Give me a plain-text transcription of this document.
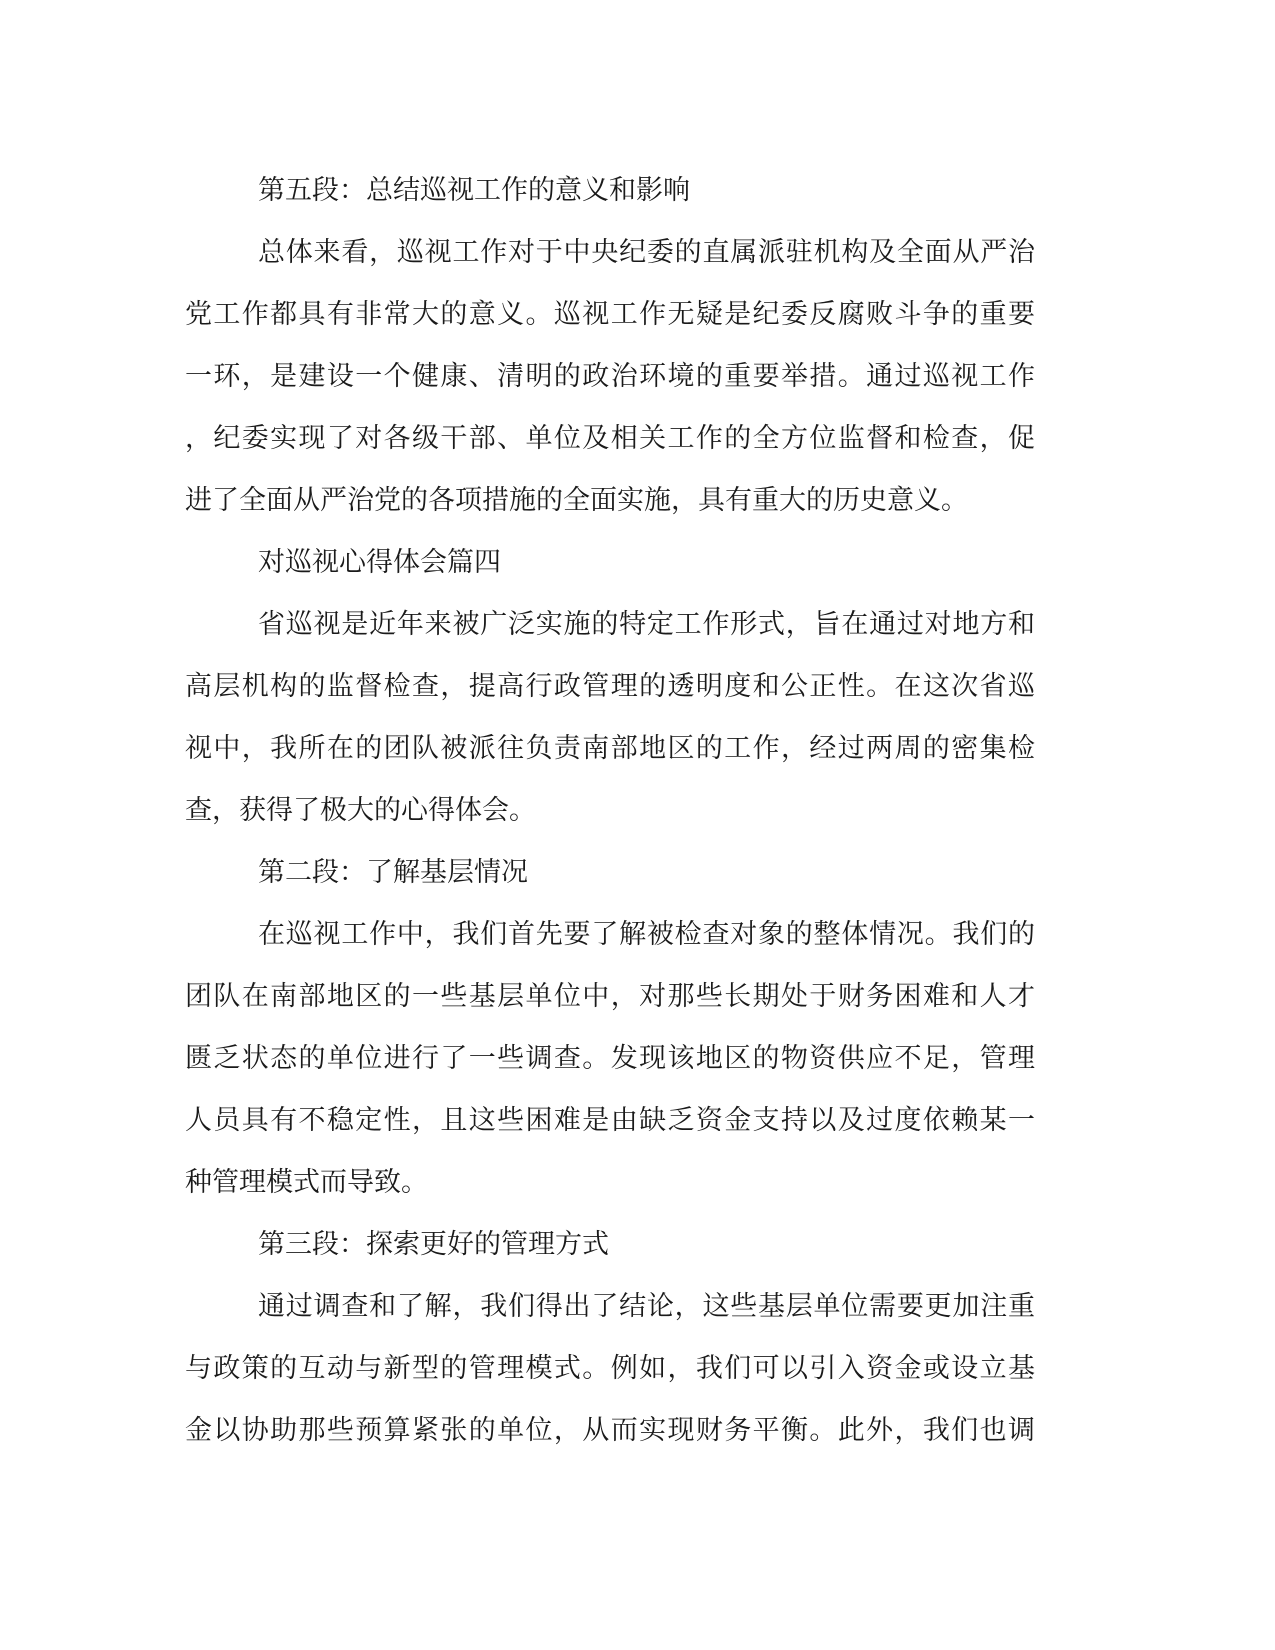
第五段：总结巡视工作的意义和影响
总体来看，巡视工作对于中央纪委的直属派驻机构及全面从严治
党工作都具有非常大的意义。巡视工作无疑是纪委反腐败斗争的重要
一环，是建设一个健康、清明的政治环境的重要举措。通过巡视工作
，纪委实现了对各级干部、单位及相关工作的全方位监督和检查，促
进了全面从严治党的各项措施的全面实施，具有重大的历史意义。
对巡视心得体会篇四
省巡视是近年来被广泛实施的特定工作形式，旨在通过对地方和
高层机构的监督检查，提高行政管理的透明度和公正性。在这次省巡
视中，我所在的团队被派往负责南部地区的工作，经过两周的密集检
查，获得了极大的心得体会。
第二段：了解基层情况
在巡视工作中，我们首先要了解被检查对象的整体情况。我们的
团队在南部地区的一些基层单位中，对那些长期处于财务困难和人才
匮乏状态的单位进行了一些调查。发现该地区的物资供应不足，管理
人员具有不稳定性，且这些困难是由缺乏资金支持以及过度依赖某一
种管理模式而导致。
第三段：探索更好的管理方式
通过调查和了解，我们得出了结论，这些基层单位需要更加注重
与政策的互动与新型的管理模式。例如，我们可以引入资金或设立基
金以协助那些预算紧张的单位，从而实现财务平衡。此外，我们也调
